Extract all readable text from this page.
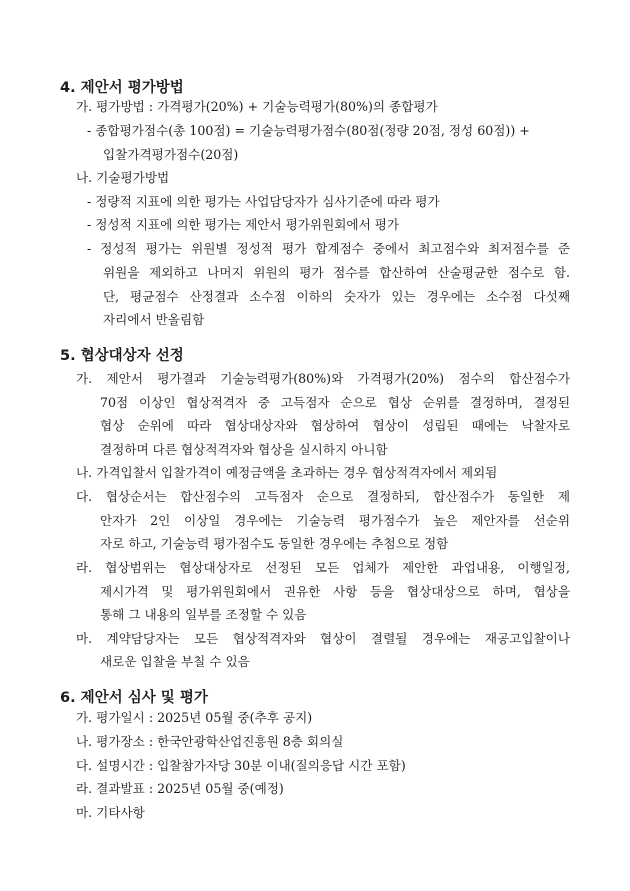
4. 제안서 평가방법

가. 평가방법 : 가격평가(20%) + 기술능력평가(80%)의 종합평가

- 종합평가점수(총 100점) = 기술능력평가점수(80점(정량 20점, 정성 60점)) +

입찰가격평가점수(20점)

나. 기술평가방법

- 정량적 지표에 의한 평가는 사업담당자가 심사기준에 따라 평가

- 정성적 지표에 의한 평가는 제안서 평가위원회에서 평가

- 정성적 평가는 위원별 정성적 평가 합계점수 중에서 최고점수와 최저점수를 준

위원을 제외하고 나머지 위원의 평가 점수를 합산하여 산술평균한 점수로 함.

단, 평균점수 산정결과 소수점 이하의 숫자가 있는 경우에는 소수점 다섯째

자리에서 반올림함

5. 협상대상자 선정

가. 제안서 평가결과 기술능력평가(80%)와 가격평가(20%) 점수의 합산점수가

70점 이상인 협상적격자 중 고득점자 순으로 협상 순위를 결정하며, 결정된

협상 순위에 따라 협상대상자와 협상하여 협상이 성립된 때에는 낙찰자로

결정하며 다른 협상적격자와 협상을 실시하지 아니함

나. 가격입찰서 입찰가격이 예정금액을 초과하는 경우 협상적격자에서 제외됨

다. 협상순서는 합산점수의 고득점자 순으로 결정하되, 합산점수가 동일한 제

안자가 2인 이상일 경우에는 기술능력 평가점수가 높은 제안자를 선순위

자로 하고, 기술능력 평가점수도 동일한 경우에는 추첨으로 정함

라. 협상범위는 협상대상자로 선정된 모든 업체가 제안한 과업내용, 이행일정,

제시가격 및 평가위원회에서 권유한 사항 등을 협상대상으로 하며, 협상을

통해 그 내용의 일부를 조정할 수 있음

마. 계약담당자는 모든 협상적격자와 협상이 결렬될 경우에는 재공고입찰이나

새로운 입찰을 부칠 수 있음

6. 제안서 심사 및 평가

가. 평가일시 : 2025년 05월 중(추후 공지)

나. 평가장소 : 한국안광학산업진흥원 8층 회의실

다. 설명시간 : 입찰참가자당 30분 이내(질의응답 시간 포함)

라. 결과발표 : 2025년 05월 중(예정)

마. 기타사항
